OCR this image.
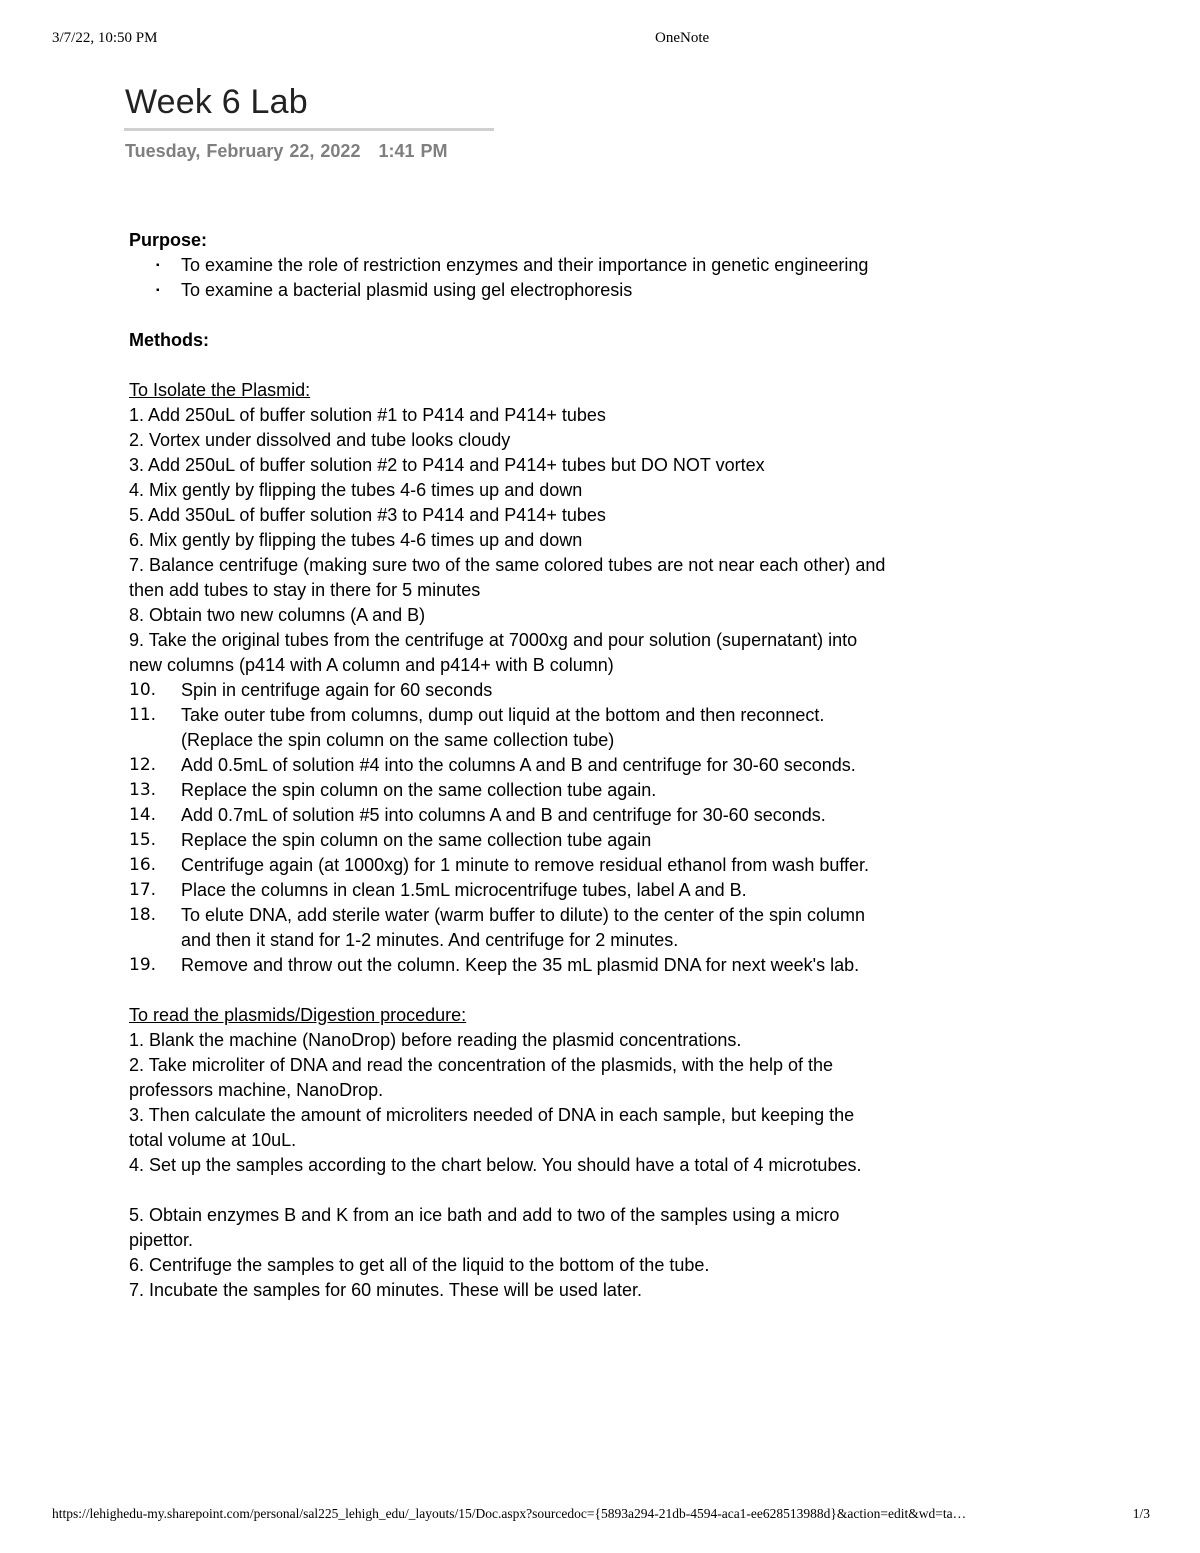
3/7/22, 10:50 PM	OneNote
Week 6 Lab
Tuesday, February 22, 2022 1:41 PM
Purpose:
▪ To examine the role of restriction enzymes and their importance in genetic engineering
▪ To examine a bacterial plasmid using gel electrophoresis
Methods:
To Isolate the Plasmid:
1. Add 250uL of buffer solution #1 to P414 and P414+ tubes
2. Vortex under dissolved and tube looks cloudy
3. Add 250uL of buffer solution #2 to P414 and P414+ tubes but DO NOT vortex
4. Mix gently by flipping the tubes 4-6 times up and down
5. Add 350uL of buffer solution #3 to P414 and P414+ tubes
6. Mix gently by flipping the tubes 4-6 times up and down
7. Balance centrifuge (making sure two of the same colored tubes are not near each other) and then add tubes to stay in there for 5 minutes
8. Obtain two new columns (A and B)
9. Take the original tubes from the centrifuge at 7000xg and pour solution (supernatant) into new columns (p414 with A column and p414+ with B column)
10. Spin in centrifuge again for 60 seconds
11. Take outer tube from columns, dump out liquid at the bottom and then reconnect. (Replace the spin column on the same collection tube)
12. Add 0.5mL of solution #4 into the columns A and B and centrifuge for 30-60 seconds.
13. Replace the spin column on the same collection tube again.
14. Add 0.7mL of solution #5 into columns A and B and centrifuge for 30-60 seconds.
15. Replace the spin column on the same collection tube again
16. Centrifuge again (at 1000xg) for 1 minute to remove residual ethanol from wash buffer.
17. Place the columns in clean 1.5mL microcentrifuge tubes, label A and B.
18. To elute DNA, add sterile water (warm buffer to dilute) to the center of the spin column and then it stand for 1-2 minutes. And centrifuge for 2 minutes.
19. Remove and throw out the column. Keep the 35 mL plasmid DNA for next week's lab.
To read the plasmids/Digestion procedure:
1. Blank the machine (NanoDrop) before reading the plasmid concentrations.
2. Take microliter of DNA and read the concentration of the plasmids, with the help of the professors machine, NanoDrop.
3. Then calculate the amount of microliters needed of DNA in each sample, but keeping the total volume at 10uL.
4. Set up the samples according to the chart below. You should have a total of 4 microtubes.
5. Obtain enzymes B and K from an ice bath and add to two of the samples using a micro pipettor.
6. Centrifuge the samples to get all of the liquid to the bottom of the tube.
7. Incubate the samples for 60 minutes. These will be used later.
https://lehighedu-my.sharepoint.com/personal/sal225_lehigh_edu/_layouts/15/Doc.aspx?sourcedoc={5893a294-21db-4594-aca1-ee628513988d}&action=edit&wd=ta…	1/3
